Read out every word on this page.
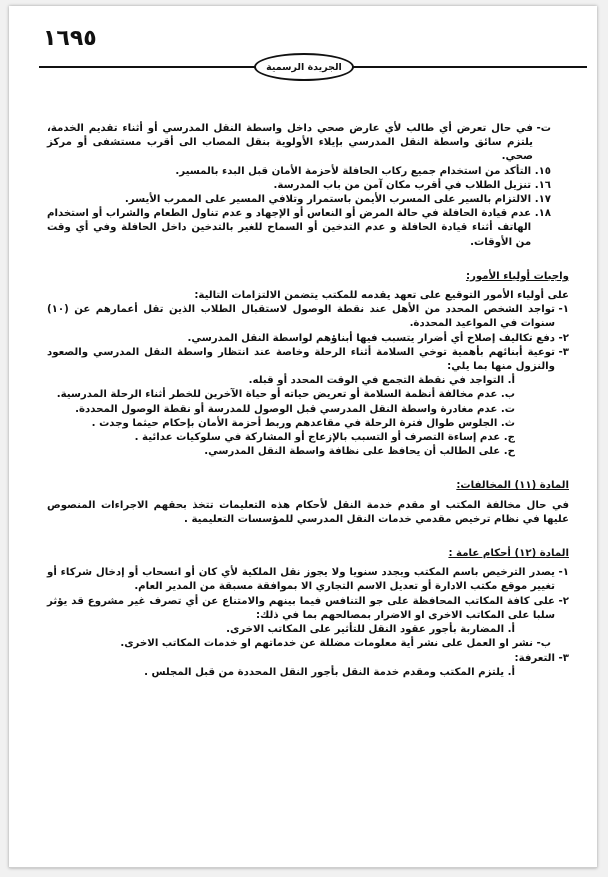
١٦٩٥
الجريدة الرسمية
ت-

في حال تعرض أي طالب لأي عارض صحي داخل واسطة النقل المدرسي أو أثناء تقديم الخدمة، يلتزم سائق واسطة النقل المدرسي بإيلاء الأولوية بنقل المصاب الى أقرب مستشفى أو مركز صحي.
١٥.

التأكد من استخدام جميع ركاب الحافلة لأحزمة الأمان قبل البدء بالمسير.
١٦.

تنزيل الطلاب في أقرب مكان آمن من باب المدرسة.
١٧.

الالتزام بالسير على المسرب الأيمن باستمرار وتلافي المسير على الممرب الأيسر.
١٨.

عدم قيادة الحافلة في حالة المرض أو النعاس أو الإجهاد و عدم تناول الطعام والشراب أو استخدام الهاتف أثناء قيادة الحافلة و عدم التدخين أو السماح للغير بالتدخين داخل الحافلة وفي أي وقت من الأوقات.
واجبات أولياء الأمور:
على أولياء الأمور التوقيع على تعهد يقدمه للمكتب يتضمن الالتزامات التالية:
١-

تواجد الشخص المحدد من الأهل عند نقطة الوصول لاستقبال الطلاب الذين تقل أعمارهم عن (١٠) سنوات في المواعيد المحددة.
٢-

دفع تكاليف إصلاح أي أضرار يتسبب فيها أبناؤهم لواسطة النقل المدرسي.
٣-

توعية أبنائهم بأهمية توخي السلامة أثناء الرحلة وخاصة عند انتظار واسطة النقل المدرسي والصعود والنزول منها بما يلي:
أ.

التواجد في نقطة التجمع في الوقت المحدد أو قبله.
ب.

عدم مخالفة أنظمة السلامة أو تعريض حياته أو حياة الآخرين للخطر أثناء الرحلة المدرسية.
ت.

عدم مغادرة واسطة النقل المدرسي قبل الوصول للمدرسة أو نقطة الوصول المحددة.
ث.

الجلوس طوال فترة الرحلة في مقاعدهم وربط أحزمة الأمان بإحكام حيثما وجدت .
ج.

عدم إساءة التصرف أو التسبب بالإزعاج أو المشاركة في سلوكيات عدائية .
ح.

على الطالب أن يحافظ على نظافة واسطة النقل المدرسي.
المادة (١١) المخالفات:
في حال مخالفة المكتب او مقدم خدمة النقل لأحكام هذه التعليمات تتخذ بحقهم الاجراءات المنصوص عليها في نظام ترخيص مقدمي خدمات النقل المدرسي للمؤسسات التعليمية .
المادة (١٢) أحكام عامة :
١-

يصدر الترخيص باسم المكتب ويجدد سنويا ولا يجوز نقل الملكية لأي كان أو انسحاب أو إدخال شركاء أو تغيير موقع مكتب الادارة أو تعديل الاسم التجاري الا بموافقة مسبقة من المدير العام.
٢-

على كافة المكاتب المحافظة على جو التنافس فيما بينهم والامتناع عن أي تصرف غير مشروع قد يؤثر سلبا على المكاتب الاخرى او الاضرار بمصالحهم بما في ذلك:
أ.

المضاربة بأجور عقود النقل للتأثير على المكاتب الاخرى.
ب-

نشر او العمل على نشر أية معلومات مضللة عن خدماتهم او خدمات المكاتب الاخرى.
٣-

التعرفة:
أ.

يلتزم المكتب ومقدم خدمة النقل بأجور النقل المحددة من قبل المجلس .
